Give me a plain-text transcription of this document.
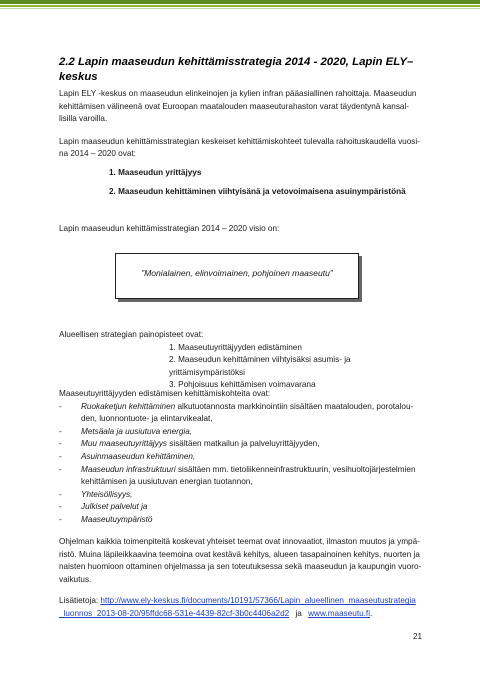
2.2 Lapin maaseudun kehittämisstrategia 2014 - 2020, Lapin ELY–
keskus

Lapin ELY -keskus on maaseudun elinkeinojen ja kylien infran pääasiallinen rahoittaja. Maaseudun
kehittämisen välineenä ovat Euroopan maatalouden maaseuturahaston varat täydentynä kansal-
lisilla varoilla.

Lapin maaseudun kehittämisstrategian keskeiset kehittämiskohteet tulevalla rahoituskaudella vuosi-
na 2014 – 2020 ovat:

1. Maaseudun yrittäjyys

2. Maaseudun kehittäminen viihtyisänä ja vetovoimaisena asuinympäristönä

Lapin maaseudun kehittämisstrategian 2014 – 2020 visio on:

”Monialainen, elinvoimainen, pohjoinen maaseutu”

Alueellisen strategian painopisteet ovat:

1. Maaseutuyrittäjyyden edistäminen

2. Maaseudun kehittäminen viihtyisäksi asumis- ja yrittämisympäristöksi

3. Pohjoisuus kehittämisen voimavarana

Maaseutuyrittäjyyden edistämisen kehittämiskohteita ovat:

- Ruokaketjun kehittäminen alkutuotannosta markkinointiin sisältäen maatalouden, porotalou-
den, luonnontuote- ja elintarvikealat,

- Metsäala ja uusiutuva energia,

- Muu maaseutuyrittäjyys sisältäen matkailun ja palveluyrittäjyyden,

- Asuinmaaseudun kehittäminen,

- Maaseudun infrastruktuuri sisältäen mm. tietoliikenneinfrastruktuurin, vesihuoltojärjestelmien
kehittämisen ja uusiutuvan energian tuotannon,

- Yhteisöllisyys,

- Julkiset palvelut ja

- Maaseutuympäristö

Ohjelman kaikkia toimenpiteitä koskevat yhteiset teemat ovat innovaatiot, ilmaston muutos ja ympä-
ristö. Muina läpileikkaavina teemoina ovat kestävä kehitys, alueen tasapainoinen kehitys, nuorten ja
naisten huomioon ottaminen ohjelmassa ja sen toteutuksessa sekä maaseudun ja kaupungin vuoro-
vaikutus.

Lisätietoja: http://www.ely-keskus.fi/documents/10191/57366/Lapin_alueellinen_maaseutustrategia
_luonnos_2013-08-20/95ffdc68-531e-4439-82cf-3b0c4406a2d2 ja www.maaseutu.fi.

21
